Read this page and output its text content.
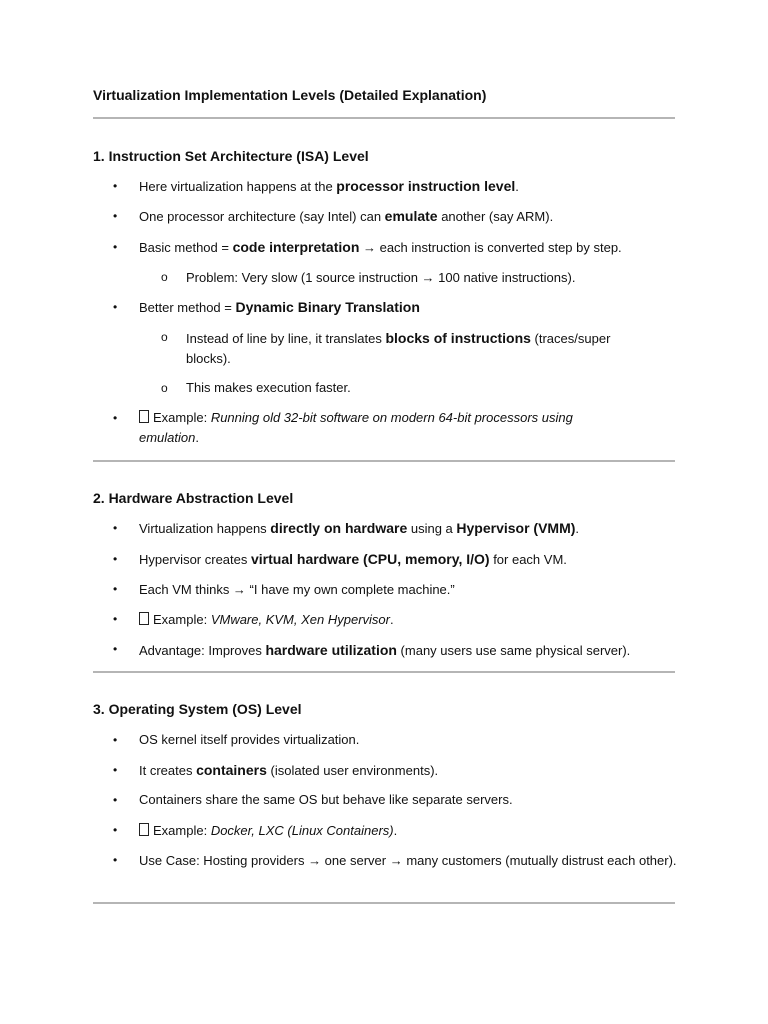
Virtualization Implementation Levels (Detailed Explanation)
1. Instruction Set Architecture (ISA) Level
• Here virtualization happens at the processor instruction level.
• One processor architecture (say Intel) can emulate another (say ARM).
• Basic method = code interpretation → each instruction is converted step by step.
o Problem: Very slow (1 source instruction → 100 native instructions).
• Better method = Dynamic Binary Translation
o Instead of line by line, it translates blocks of instructions (traces/super blocks).
o This makes execution faster.
•	Example: Running old 32-bit software on modern 64-bit processors using emulation.
2. Hardware Abstraction Level
• Virtualization happens directly on hardware using a Hypervisor (VMM).
• Hypervisor creates virtual hardware (CPU, memory, I/O) for each VM.
• Each VM thinks → “I have my own complete machine.”
•	Example: VMware, KVM, Xen Hypervisor.
• Advantage: Improves hardware utilization (many users use same physical server).
3. Operating System (OS) Level
• OS kernel itself provides virtualization.
• It creates containers (isolated user environments).
• Containers share the same OS but behave like separate servers.
•	Example: Docker, LXC (Linux Containers).
• Use Case: Hosting providers → one server → many customers (mutually distrust each other).
